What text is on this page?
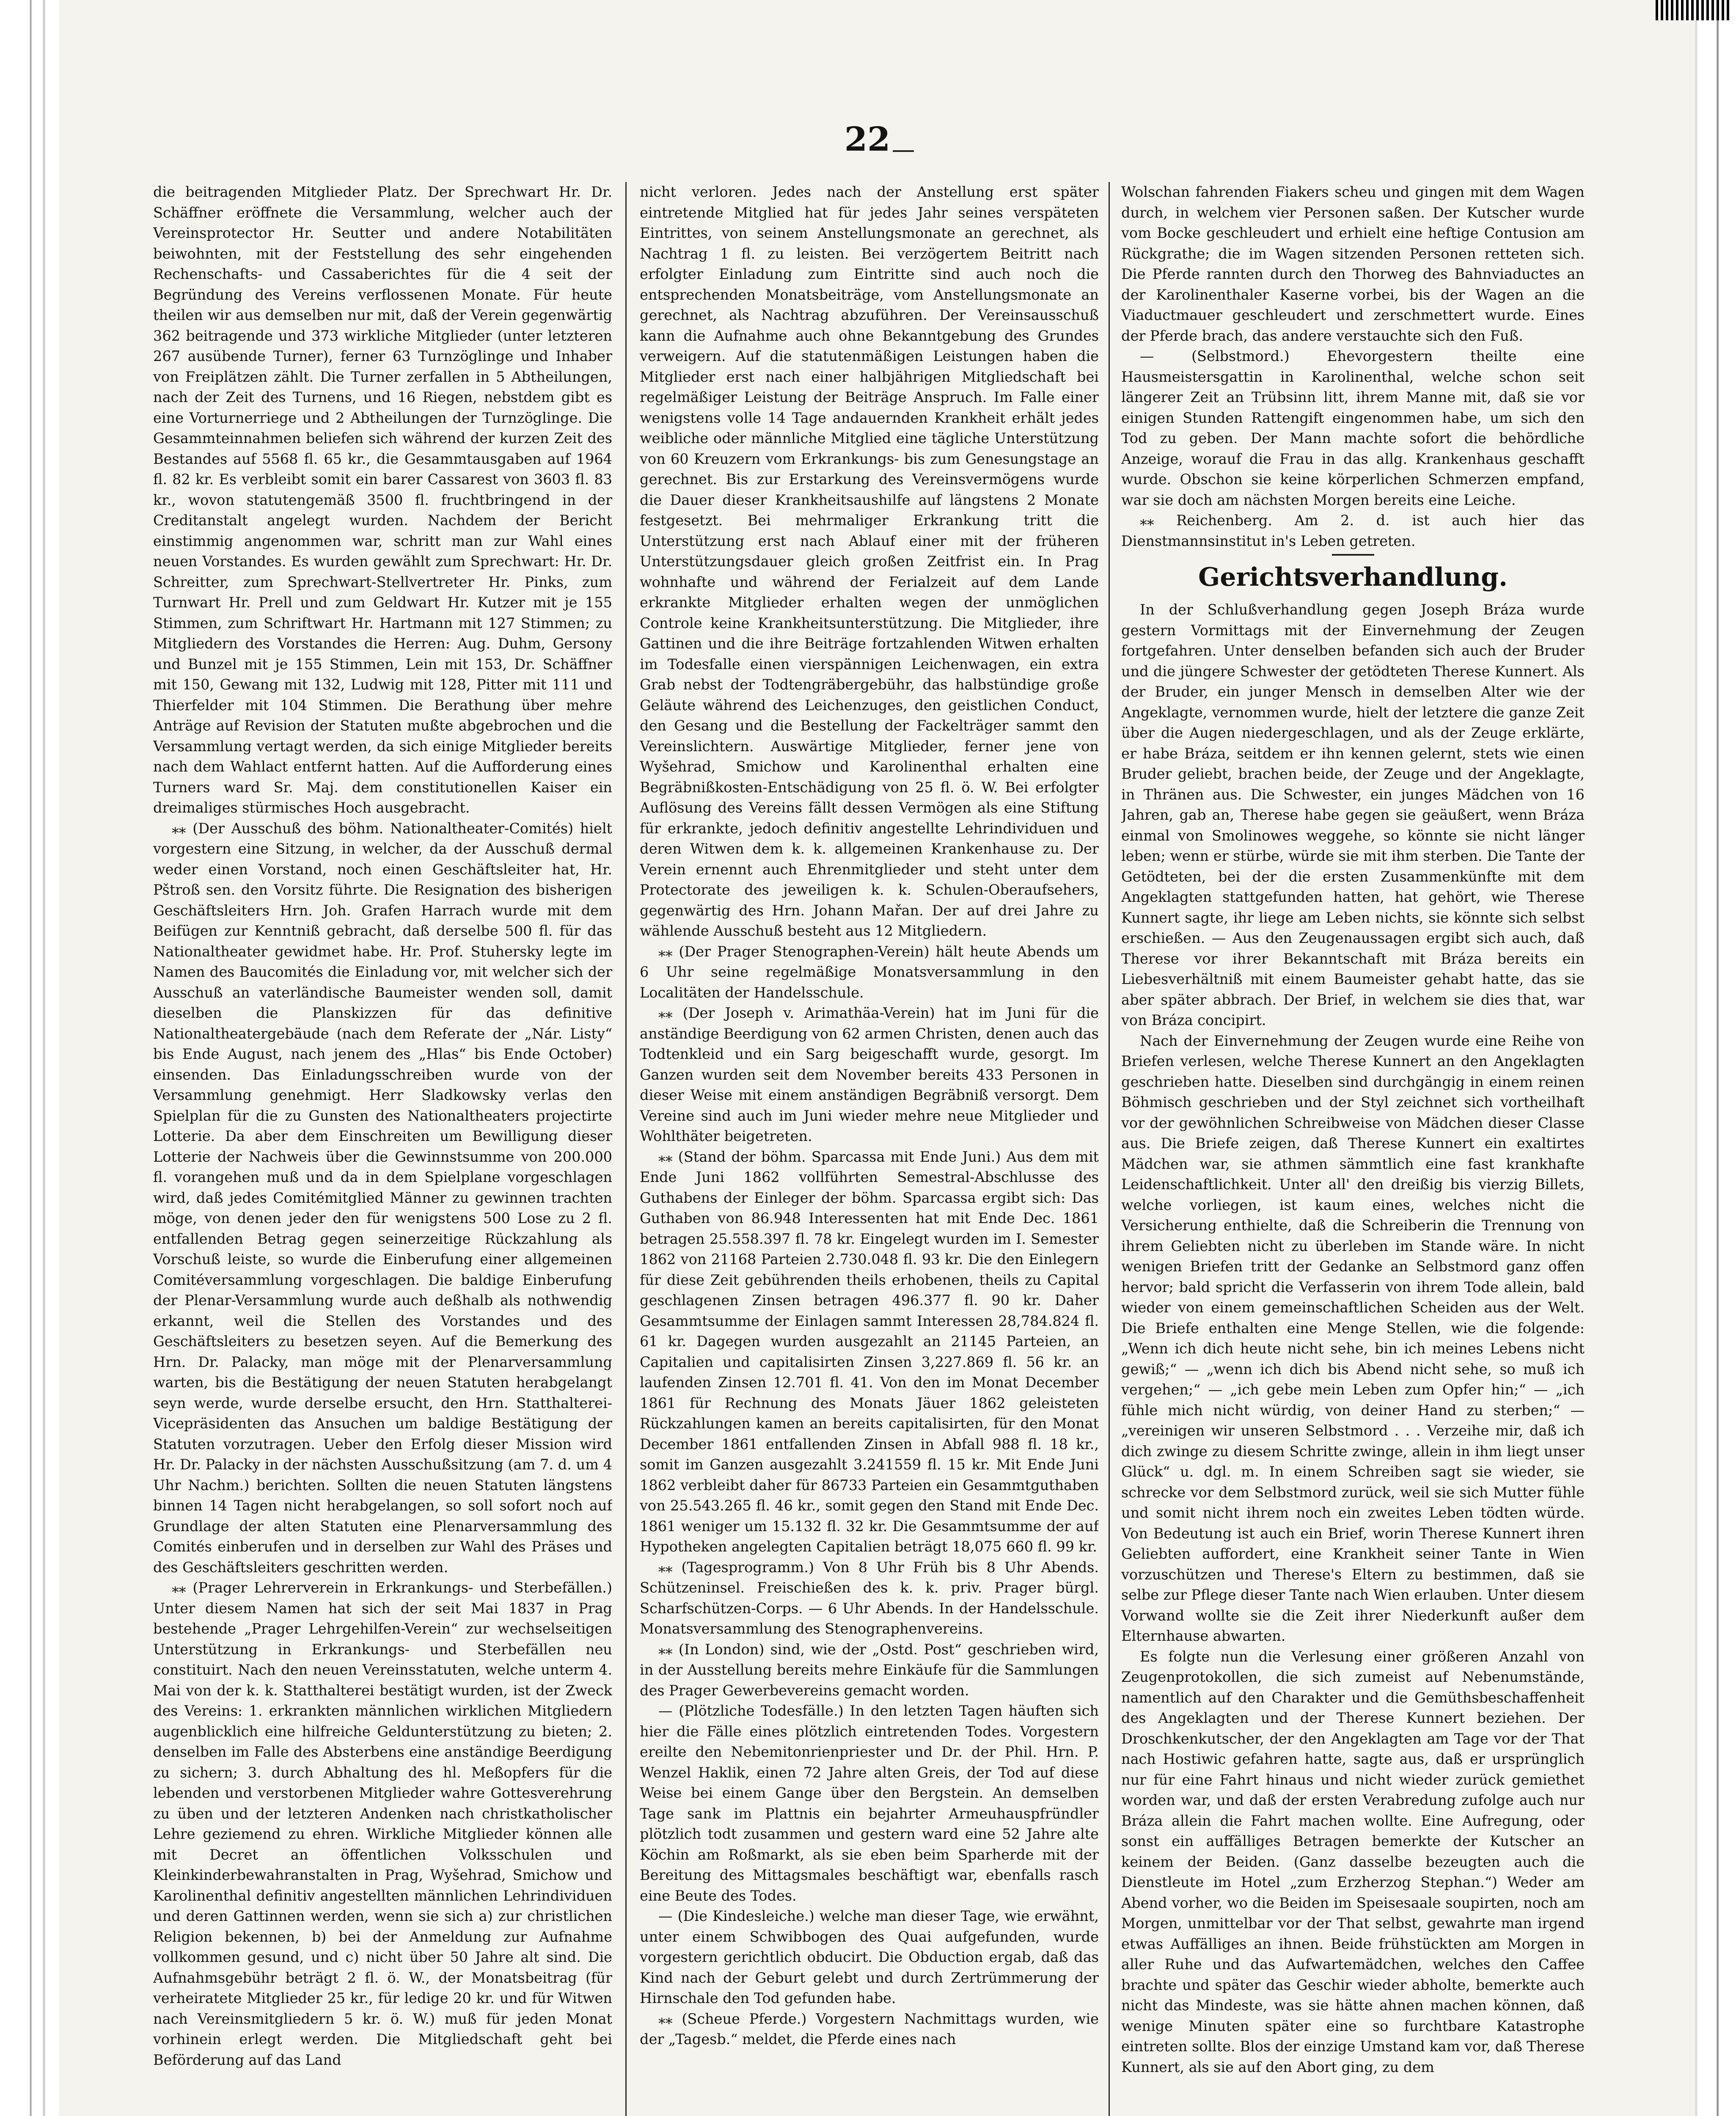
22

die beitragenden Mitglieder Platz. Der Sprechwart Hr. Dr. Schäffner eröffnete die Versammlung, welcher auch der Vereinsprotector Hr. Seutter und andere Notabilitäten beiwohnten, mit der Feststellung des sehr eingehenden Rechenschafts- und Cassaberichtes für die 4 seit der Begründung des Vereins verflossenen Monate. Für heute theilen wir aus demselben nur mit, daß der Verein gegenwärtig 362 beitragende und 373 wirkliche Mitglieder (unter letzteren 267 ausübende Turner), ferner 63 Turnzöglinge und Inhaber von Freiplätzen zählt. Die Turner zerfallen in 5 Abtheilungen, nach der Zeit des Turnens, und 16 Riegen, nebstdem gibt es eine Vorturnerriege und 2 Abtheilungen der Turnzöglinge. Die Gesammteinnahmen beliefen sich während der kurzen Zeit des Bestandes auf 5568 fl. 65 kr., die Gesammtausgaben auf 1964 fl. 82 kr. Es verbleibt somit ein barer Cassarest von 3603 fl. 83 kr., wovon statutengemäß 3500 fl. fruchtbringend in der Creditanstalt angelegt wurden. Nachdem der Bericht einstimmig angenommen war, schritt man zur Wahl eines neuen Vorstandes. Es wurden gewählt zum Sprechwart: Hr. Dr. Schreitter, zum Sprechwart-Stellvertreter Hr. Pinks, zum Turnwart Hr. Prell und zum Geldwart Hr. Kutzer mit je 155 Stimmen, zum Schriftwart Hr. Hartmann mit 127 Stimmen; zu Mitgliedern des Vorstandes die Herren: Aug. Duhm, Gersony und Bunzel mit je 155 Stimmen, Lein mit 153, Dr. Schäffner mit 150, Gewang mit 132, Ludwig mit 128, Pitter mit 111 und Thierfelder mit 104 Stimmen. Die Berathung über mehre Anträge auf Revision der Statuten mußte abgebrochen und die Versammlung vertagt werden, da sich einige Mitglieder bereits nach dem Wahlact entfernt hatten. Auf die Aufforderung eines Turners ward Sr. Maj. dem constitutionellen Kaiser ein dreimaliges stürmisches Hoch ausgebracht.

⁎⁎ (Der Ausschuß des böhm. Nationaltheater-Comités) hielt vorgestern eine Sitzung, in welcher, da der Ausschuß dermal weder einen Vorstand, noch einen Geschäftsleiter hat, Hr. Pštroß sen. den Vorsitz führte. Die Resignation des bisherigen Geschäftsleiters Hrn. Joh. Grafen Harrach wurde mit dem Beifügen zur Kenntniß gebracht, daß derselbe 500 fl. für das Nationaltheater gewidmet habe. Hr. Prof. Stuhersky legte im Namen des Baucomités die Einladung vor, mit welcher sich der Ausschuß an vaterländische Baumeister wenden soll, damit dieselben die Planskizzen für das definitive Nationaltheatergebäude (nach dem Referate der „Nár. Listy“ bis Ende August, nach jenem des „Hlas“ bis Ende October) einsenden. Das Einladungsschreiben wurde von der Versammlung genehmigt. Herr Sladkowsky verlas den Spielplan für die zu Gunsten des Nationaltheaters projectirte Lotterie. Da aber dem Einschreiten um Bewilligung dieser Lotterie der Nachweis über die Gewinnstsumme von 200.000 fl. vorangehen muß und da in dem Spielplane vorgeschlagen wird, daß jedes Comitémitglied Männer zu gewinnen trachten möge, von denen jeder den für wenigstens 500 Lose zu 2 fl. entfallenden Betrag gegen seinerzeitige Rückzahlung als Vorschuß leiste, so wurde die Einberufung einer allgemeinen Comitéversammlung vorgeschlagen. Die baldige Einberufung der Plenar-Versammlung wurde auch deßhalb als nothwendig erkannt, weil die Stellen des Vorstandes und des Geschäftsleiters zu besetzen seyen. Auf die Bemerkung des Hrn. Dr. Palacky, man möge mit der Plenarversammlung warten, bis die Bestätigung der neuen Statuten herabgelangt seyn werde, wurde derselbe ersucht, den Hrn. Statthalterei-Vicepräsidenten das Ansuchen um baldige Bestätigung der Statuten vorzutragen. Ueber den Erfolg dieser Mission wird Hr. Dr. Palacky in der nächsten Ausschußsitzung (am 7. d. um 4 Uhr Nachm.) berichten. Sollten die neuen Statuten längstens binnen 14 Tagen nicht herabgelangen, so soll sofort noch auf Grundlage der alten Statuten eine Plenarversammlung des Comités einberufen und in derselben zur Wahl des Präses und des Geschäftsleiters geschritten werden.

⁎⁎ (Prager Lehrerverein in Erkrankungs- und Sterbefällen.) Unter diesem Namen hat sich der seit Mai 1837 in Prag bestehende „Prager Lehrgehilfen-Verein“ zur wechselseitigen Unterstützung in Erkrankungs- und Sterbefällen neu constituirt. Nach den neuen Vereinsstatuten, welche unterm 4. Mai von der k. k. Statthalterei bestätigt wurden, ist der Zweck des Vereins: 1. erkrankten männlichen wirklichen Mitgliedern augenblicklich eine hilfreiche Geldunterstützung zu bieten; 2. denselben im Falle des Absterbens eine anständige Beerdigung zu sichern; 3. durch Abhaltung des hl. Meßopfers für die lebenden und verstorbenen Mitglieder wahre Gottesverehrung zu üben und der letzteren Andenken nach christkatholischer Lehre geziemend zu ehren. Wirkliche Mitglieder können alle mit Decret an öffentlichen Volksschulen und Kleinkinderbewahranstalten in Prag, Wyšehrad, Smichow und Karolinenthal definitiv angestellten männlichen Lehrindividuen und deren Gattinnen werden, wenn sie sich a) zur christlichen Religion bekennen, b) bei der Anmeldung zur Aufnahme vollkommen gesund, und c) nicht über 50 Jahre alt sind. Die Aufnahmsgebühr beträgt 2 fl. ö. W., der Monatsbeitrag (für verheiratete Mitglieder 25 kr., für ledige 20 kr. und für Witwen nach Vereinsmitgliedern 5 kr. ö. W.) muß für jeden Monat vorhinein erlegt werden. Die Mitgliedschaft geht bei Beförderung auf das Land

nicht verloren. Jedes nach der Anstellung erst später eintretende Mitglied hat für jedes Jahr seines verspäteten Eintrittes, von seinem Anstellungsmonate an gerechnet, als Nachtrag 1 fl. zu leisten. Bei verzögertem Beitritt nach erfolgter Einladung zum Eintritte sind auch noch die entsprechenden Monatsbeiträge, vom Anstellungsmonate an gerechnet, als Nachtrag abzuführen. Der Vereinsausschuß kann die Aufnahme auch ohne Bekanntgebung des Grundes verweigern. Auf die statutenmäßigen Leistungen haben die Mitglieder erst nach einer halbjährigen Mitgliedschaft bei regelmäßiger Leistung der Beiträge Anspruch. Im Falle einer wenigstens volle 14 Tage andauernden Krankheit erhält jedes weibliche oder männliche Mitglied eine tägliche Unterstützung von 60 Kreuzern vom Erkrankungs- bis zum Genesungstage an gerechnet. Bis zur Erstarkung des Vereinsvermögens wurde die Dauer dieser Krankheitsaushilfe auf längstens 2 Monate festgesetzt. Bei mehrmaliger Erkrankung tritt die Unterstützung erst nach Ablauf einer mit der früheren Unterstützungsdauer gleich großen Zeitfrist ein. In Prag wohnhafte und während der Ferialzeit auf dem Lande erkrankte Mitglieder erhalten wegen der unmöglichen Controle keine Krankheitsunterstützung. Die Mitglieder, ihre Gattinen und die ihre Beiträge fortzahlenden Witwen erhalten im Todesfalle einen vierspännigen Leichenwagen, ein extra Grab nebst der Todtengräbergebühr, das halbstündige große Geläute während des Leichenzuges, den geistlichen Conduct, den Gesang und die Bestellung der Fackelträger sammt den Vereinslichtern. Auswärtige Mitglieder, ferner jene von Wyšehrad, Smichow und Karolinenthal erhalten eine Begräbnißkosten-Entschädigung von 25 fl. ö. W. Bei erfolgter Auflösung des Vereins fällt dessen Vermögen als eine Stiftung für erkrankte, jedoch definitiv angestellte Lehrindividuen und deren Witwen dem k. k. allgemeinen Krankenhause zu. Der Verein ernennt auch Ehrenmitglieder und steht unter dem Protectorate des jeweiligen k. k. Schulen-Oberaufsehers, gegenwärtig des Hrn. Johann Mařan. Der auf drei Jahre zu wählende Ausschuß besteht aus 12 Mitgliedern.

⁎⁎ (Der Prager Stenographen-Verein) hält heute Abends um 6 Uhr seine regelmäßige Monatsversammlung in den Localitäten der Handelsschule.

⁎⁎ (Der Joseph v. Arimathäa-Verein) hat im Juni für die anständige Beerdigung von 62 armen Christen, denen auch das Todtenkleid und ein Sarg beigeschafft wurde, gesorgt. Im Ganzen wurden seit dem November bereits 433 Personen in dieser Weise mit einem anständigen Begräbniß versorgt. Dem Vereine sind auch im Juni wieder mehre neue Mitglieder und Wohlthäter beigetreten.

⁎⁎ (Stand der böhm. Sparcassa mit Ende Juni.) Aus dem mit Ende Juni 1862 vollführten Semestral-Abschlusse des Guthabens der Einleger der böhm. Sparcassa ergibt sich: Das Guthaben von 86.948 Interessenten hat mit Ende Dec. 1861 betragen 25.558.397 fl. 78 kr. Eingelegt wurden im I. Semester 1862 von 21168 Parteien 2.730.048 fl. 93 kr. Die den Einlegern für diese Zeit gebührenden theils erhobenen, theils zu Capital geschlagenen Zinsen betragen 496.377 fl. 90 kr. Daher Gesammtsumme der Einlagen sammt Interessen 28,784.824 fl. 61 kr. Dagegen wurden ausgezahlt an 21145 Parteien, an Capitalien und capitalisirten Zinsen 3,227.869 fl. 56 kr. an laufenden Zinsen 12.701 fl. 41. Von den im Monat December 1861 für Rechnung des Monats Jäuer 1862 geleisteten Rückzahlungen kamen an bereits capitalisirten, für den Monat December 1861 entfallenden Zinsen in Abfall 988 fl. 18 kr., somit im Ganzen ausgezahlt 3.241559 fl. 15 kr. Mit Ende Juni 1862 verbleibt daher für 86733 Parteien ein Gesammtguthaben von 25.543.265 fl. 46 kr., somit gegen den Stand mit Ende Dec. 1861 weniger um 15.132 fl. 32 kr. Die Gesammtsumme der auf Hypotheken angelegten Capitalien beträgt 18,075 660 fl. 99 kr.

⁎⁎ (Tagesprogramm.) Von 8 Uhr Früh bis 8 Uhr Abends. Schützeninsel. Freischießen des k. k. priv. Prager bürgl. Scharfschützen-Corps. — 6 Uhr Abends. In der Handelsschule. Monatsversammlung des Stenographenvereins.

⁎⁎ (In London) sind, wie der „Ostd. Post“ geschrieben wird, in der Ausstellung bereits mehre Einkäufe für die Sammlungen des Prager Gewerbevereins gemacht worden.

— (Plötzliche Todesfälle.) In den letzten Tagen häuften sich hier die Fälle eines plötzlich eintretenden Todes. Vorgestern ereilte den Nebemitonrienpriester und Dr. der Phil. Hrn. P. Wenzel Haklik, einen 72 Jahre alten Greis, der Tod auf diese Weise bei einem Gange über den Bergstein. An demselben Tage sank im Plattnis ein bejahrter Armeuhauspfründler plötzlich todt zusammen und gestern ward eine 52 Jahre alte Köchin am Roßmarkt, als sie eben beim Sparherde mit der Bereitung des Mittagsmales beschäftigt war, ebenfalls rasch eine Beute des Todes.

— (Die Kindesleiche.) welche man dieser Tage, wie erwähnt, unter einem Schwibbogen des Quai aufgefunden, wurde vorgestern gerichtlich obducirt. Die Obduction ergab, daß das Kind nach der Geburt gelebt und durch Zertrümmerung der Hirnschale den Tod gefunden habe.

⁎⁎ (Scheue Pferde.) Vorgestern Nachmittags wurden, wie der „Tagesb.“ meldet, die Pferde eines nach

Wolschan fahrenden Fiakers scheu und gingen mit dem Wagen durch, in welchem vier Personen saßen. Der Kutscher wurde vom Bocke geschleudert und erhielt eine heftige Contusion am Rückgrathe; die im Wagen sitzenden Personen retteten sich. Die Pferde rannten durch den Thorweg des Bahnviaductes an der Karolinenthaler Kaserne vorbei, bis der Wagen an die Viaductmauer geschleudert und zerschmettert wurde. Eines der Pferde brach, das andere verstauchte sich den Fuß.

— (Selbstmord.) Ehevorgestern theilte eine Hausmeistersgattin in Karolinenthal, welche schon seit längerer Zeit an Trübsinn litt, ihrem Manne mit, daß sie vor einigen Stunden Rattengift eingenommen habe, um sich den Tod zu geben. Der Mann machte sofort die behördliche Anzeige, worauf die Frau in das allg. Krankenhaus geschafft wurde. Obschon sie keine körperlichen Schmerzen empfand, war sie doch am nächsten Morgen bereits eine Leiche.

⁎⁎ Reichenberg. Am 2. d. ist auch hier das Dienstmannsinstitut in's Leben getreten.

Gerichtsverhandlung.

In der Schlußverhandlung gegen Joseph Bráza wurde gestern Vormittags mit der Einvernehmung der Zeugen fortgefahren. Unter denselben befanden sich auch der Bruder und die jüngere Schwester der getödteten Therese Kunnert. Als der Bruder, ein junger Mensch in demselben Alter wie der Angeklagte, vernommen wurde, hielt der letztere die ganze Zeit über die Augen niedergeschlagen, und als der Zeuge erklärte, er habe Bráza, seitdem er ihn kennen gelernt, stets wie einen Bruder geliebt, brachen beide, der Zeuge und der Angeklagte, in Thränen aus. Die Schwester, ein junges Mädchen von 16 Jahren, gab an, Therese habe gegen sie geäußert, wenn Bráza einmal von Smolinowes weggehe, so könnte sie nicht länger leben; wenn er stürbe, würde sie mit ihm sterben. Die Tante der Getödteten, bei der die ersten Zusammenkünfte mit dem Angeklagten stattgefunden hatten, hat gehört, wie Therese Kunnert sagte, ihr liege am Leben nichts, sie könnte sich selbst erschießen. — Aus den Zeugenaussagen ergibt sich auch, daß Therese vor ihrer Bekanntschaft mit Bráza bereits ein Liebesverhältniß mit einem Baumeister gehabt hatte, das sie aber später abbrach. Der Brief, in welchem sie dies that, war von Bráza concipirt.

Nach der Einvernehmung der Zeugen wurde eine Reihe von Briefen verlesen, welche Therese Kunnert an den Angeklagten geschrieben hatte. Dieselben sind durchgängig in einem reinen Böhmisch geschrieben und der Styl zeichnet sich vortheilhaft vor der gewöhnlichen Schreibweise von Mädchen dieser Classe aus. Die Briefe zeigen, daß Therese Kunnert ein exaltirtes Mädchen war, sie athmen sämmtlich eine fast krankhafte Leidenschaftlichkeit. Unter all' den dreißig bis vierzig Billets, welche vorliegen, ist kaum eines, welches nicht die Versicherung enthielte, daß die Schreiberin die Trennung von ihrem Geliebten nicht zu überleben im Stande wäre. In nicht wenigen Briefen tritt der Gedanke an Selbstmord ganz offen hervor; bald spricht die Verfasserin von ihrem Tode allein, bald wieder von einem gemeinschaftlichen Scheiden aus der Welt. Die Briefe enthalten eine Menge Stellen, wie die folgende: „Wenn ich dich heute nicht sehe, bin ich meines Lebens nicht gewiß;“ — „wenn ich dich bis Abend nicht sehe, so muß ich vergehen;“ — „ich gebe mein Leben zum Opfer hin;“ — „ich fühle mich nicht würdig, von deiner Hand zu sterben;“ — „vereinigen wir unseren Selbstmord . . . Verzeihe mir, daß ich dich zwinge zu diesem Schritte zwinge, allein in ihm liegt unser Glück“ u. dgl. m. In einem Schreiben sagt sie wieder, sie schrecke vor dem Selbstmord zurück, weil sie sich Mutter fühle und somit nicht ihrem noch ein zweites Leben tödten würde. Von Bedeutung ist auch ein Brief, worin Therese Kunnert ihren Geliebten auffordert, eine Krankheit seiner Tante in Wien vorzuschützen und Therese's Eltern zu bestimmen, daß sie selbe zur Pflege dieser Tante nach Wien erlauben. Unter diesem Vorwand wollte sie die Zeit ihrer Niederkunft außer dem Elternhause abwarten.

Es folgte nun die Verlesung einer größeren Anzahl von Zeugenprotokollen, die sich zumeist auf Nebenumstände, namentlich auf den Charakter und die Gemüthsbeschaffenheit des Angeklagten und der Therese Kunnert beziehen. Der Droschkenkutscher, der den Angeklagten am Tage vor der That nach Hostiwic gefahren hatte, sagte aus, daß er ursprünglich nur für eine Fahrt hinaus und nicht wieder zurück gemiethet worden war, und daß der ersten Verabredung zufolge auch nur Bráza allein die Fahrt machen wollte. Eine Aufregung, oder sonst ein auffälliges Betragen bemerkte der Kutscher an keinem der Beiden. (Ganz dasselbe bezeugten auch die Dienstleute im Hotel „zum Erzherzog Stephan.“) Weder am Abend vorher, wo die Beiden im Speisesaale soupirten, noch am Morgen, unmittelbar vor der That selbst, gewahrte man irgend etwas Auffälliges an ihnen. Beide frühstückten am Morgen in aller Ruhe und das Aufwartemädchen, welches den Caffee brachte und später das Geschir wieder abholte, bemerkte auch nicht das Mindeste, was sie hätte ahnen machen können, daß wenige Minuten später eine so furchtbare Katastrophe eintreten sollte. Blos der einzige Umstand kam vor, daß Therese Kunnert, als sie auf den Abort ging, zu dem
